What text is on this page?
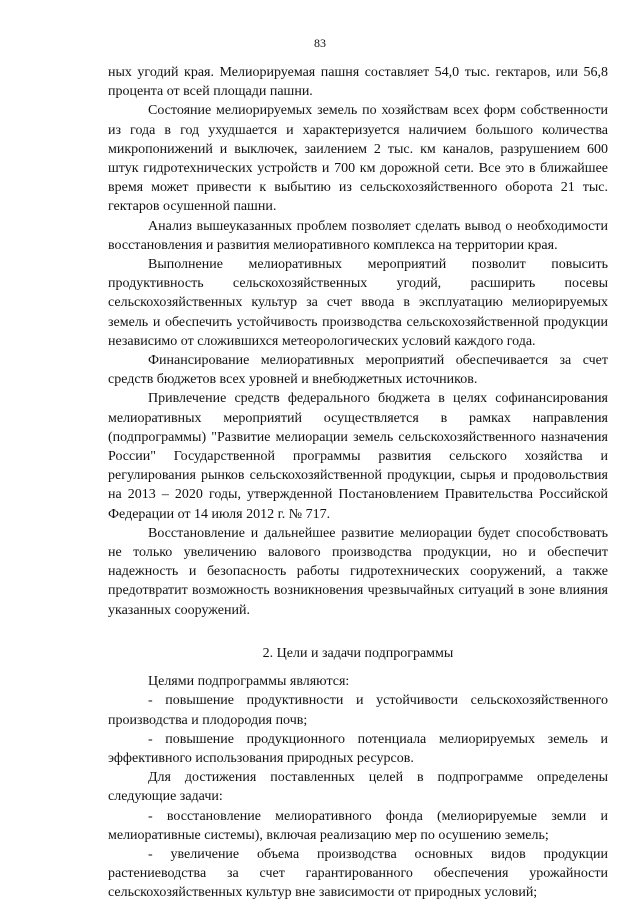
83

ных угодий края. Мелиорируемая пашня составляет 54,0 тыс. гектаров, или 56,8 процента от всей площади пашни.

Состояние мелиорируемых земель по хозяйствам всех форм собственности из года в год ухудшается и характеризуется наличием большого количества микропонижений и выключек, заилением 2 тыс. км каналов, разрушением 600 штук гидротехнических устройств и 700 км дорожной сети. Все это в ближайшее время может привести к выбытию из сельскохозяйственного оборота 21 тыс. гектаров осушенной пашни.

Анализ вышеуказанных проблем позволяет сделать вывод о необходимости восстановления и развития мелиоративного комплекса на территории края.

Выполнение мелиоративных мероприятий позволит повысить продуктивность сельскохозяйственных угодий, расширить посевы сельскохозяйственных культур за счет ввода в эксплуатацию мелиорируемых земель и обеспечить устойчивость производства сельскохозяйственной продукции независимо от сложившихся метеорологических условий каждого года.

Финансирование мелиоративных мероприятий обеспечивается за счет средств бюджетов всех уровней и внебюджетных источников.

Привлечение средств федерального бюджета в целях софинансирования мелиоративных мероприятий осуществляется в рамках направления (подпрограммы) "Развитие мелиорации земель сельскохозяйственного назначения России" Государственной программы развития сельского хозяйства и регулирования рынков сельскохозяйственной продукции, сырья и продовольствия на 2013 – 2020 годы, утвержденной Постановлением Правительства Российской Федерации от 14 июля 2012 г. № 717.

Восстановление и дальнейшее развитие мелиорации будет способствовать не только увеличению валового производства продукции, но и обеспечит надежность и безопасность работы гидротехнических сооружений, а также предотвратит возможность возникновения чрезвычайных ситуаций в зоне влияния указанных сооружений.

2. Цели и задачи подпрограммы

Целями подпрограммы являются:

- повышение продуктивности и устойчивости сельскохозяйственного производства и плодородия почв;

- повышение продукционного потенциала мелиорируемых земель и эффективного использования природных ресурсов.

Для достижения поставленных целей в подпрограмме определены следующие задачи:

- восстановление мелиоративного фонда (мелиорируемые земли и мелиоративные системы), включая реализацию мер по осушению земель;

- увеличение объема производства основных видов продукции растениеводства за счет гарантированного обеспечения урожайности сельскохозяйственных культур вне зависимости от природных условий;
